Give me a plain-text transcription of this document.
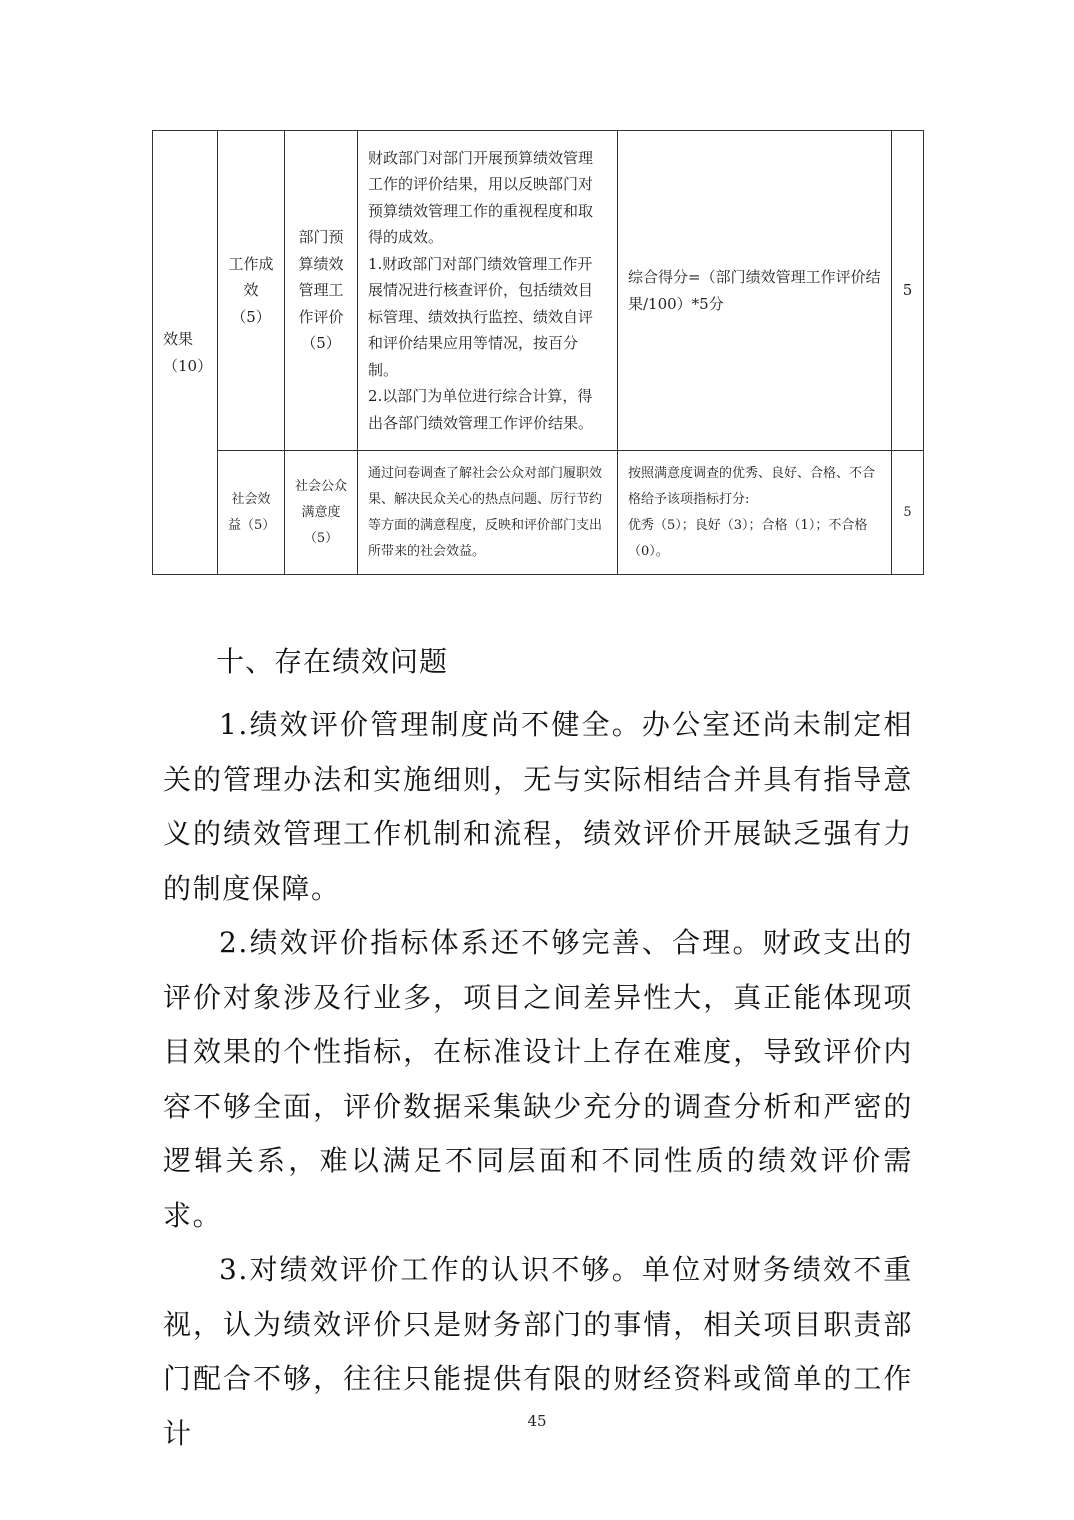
效果（10）	工作成效（5）	部门预算绩效管理工作评价（5）	财政部门对部门开展预算绩效管理工作的评价结果，用以反映部门对预算绩效管理工作的重视程度和取得的成效。
1.财政部门对部门绩效管理工作开展情况进行核查评价，包括绩效目标管理、绩效执行监控、绩效自评和评价结果应用等情况，按百分制。
2.以部门为单位进行综合计算，得出各部门绩效管理工作评价结果。	综合得分=（部门绩效管理工作评价结果/100）*5分	5
	社会效益（5）	社会公众满意度（5）	通过问卷调查了解社会公众对部门履职效果、解决民众关心的热点问题、厉行节约等方面的满意程度，反映和评价部门支出所带来的社会效益。	按照满意度调查的优秀、良好、合格、不合格给予该项指标打分:
优秀（5）；良好（3）；合格（1）；不合格（0）。	5
十、存在绩效问题

1.绩效评价管理制度尚不健全。办公室还尚未制定相关的管理办法和实施细则，无与实际相结合并具有指导意义的绩效管理工作机制和流程，绩效评价开展缺乏强有力的制度保障。

2.绩效评价指标体系还不够完善、合理。财政支出的评价对象涉及行业多，项目之间差异性大，真正能体现项目效果的个性指标，在标准设计上存在难度，导致评价内容不够全面，评价数据采集缺少充分的调查分析和严密的逻辑关系，难以满足不同层面和不同性质的绩效评价需求。

3.对绩效评价工作的认识不够。单位对财务绩效不重视，认为绩效评价只是财务部门的事情，相关项目职责部门配合不够，往往只能提供有限的财经资料或简单的工作计	45
